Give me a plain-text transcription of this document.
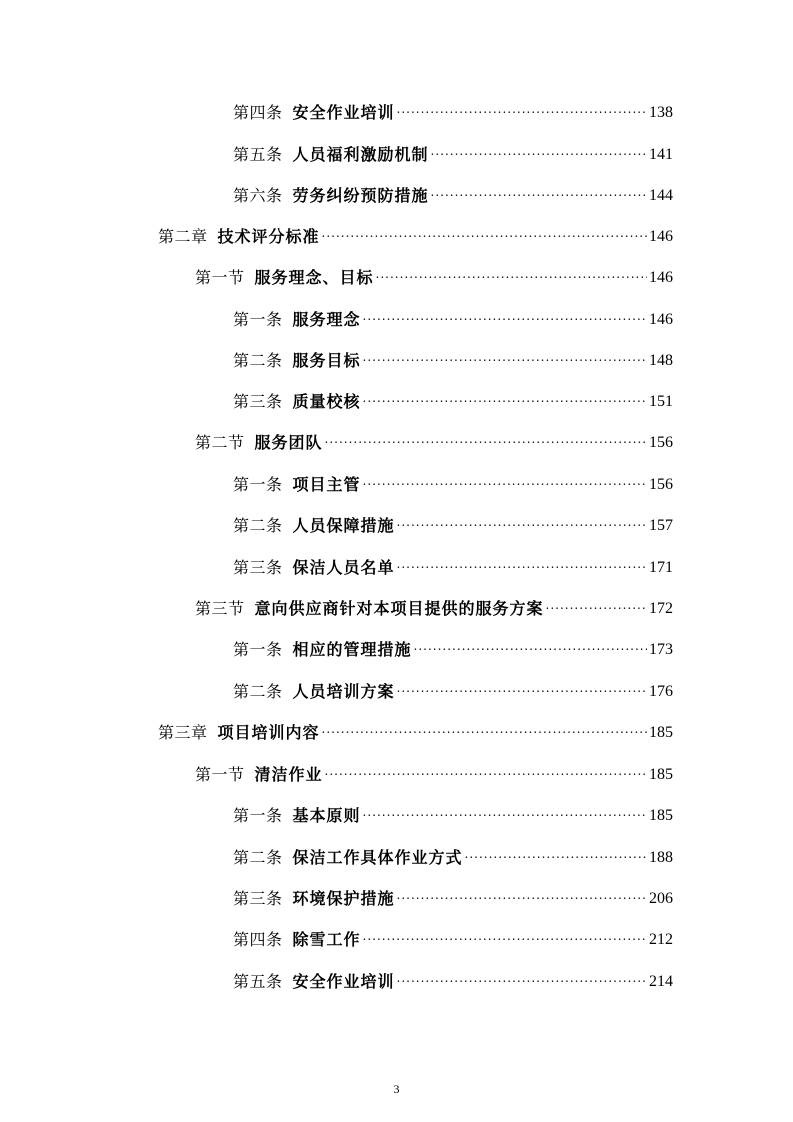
第四条 安全作业培训 .....	138
第五条 人员福利激励机制 .....	141
第六条 劳务纠纷预防措施 .....	144
第二章 技术评分标准 .....	146
第一节 服务理念、目标 .....	146
第一条 服务理念 .....	146
第二条 服务目标 .....	148
第三条 质量校核 .....	151
第二节 服务团队 .....	156
第一条 项目主管 .....	156
第二条 人员保障措施 .....	157
第三条 保洁人员名单 .....	171
第三节 意向供应商针对本项目提供的服务方案 .....	172
第一条 相应的管理措施 .....	173
第二条 人员培训方案 .....	176
第三章 项目培训内容 .....	185
第一节 清洁作业 .....	185
第一条 基本原则 .....	185
第二条 保洁工作具体作业方式 .....	188
第三条 环境保护措施 .....	206
第四条 除雪工作 .....	212
第五条 安全作业培训 .....	214
3
